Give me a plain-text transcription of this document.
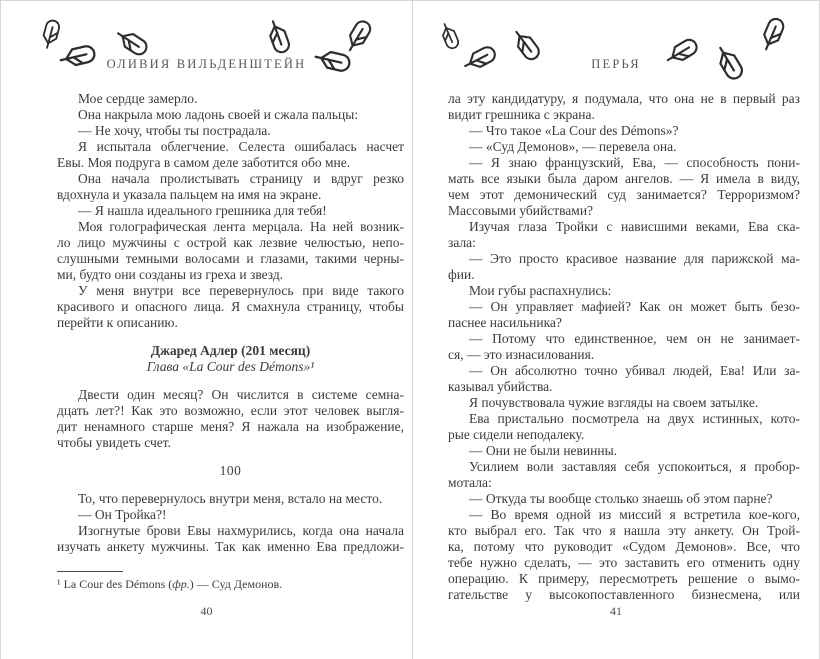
ОЛИВИЯ ВИЛЬДЕНШТЕЙН
Мое сердце замерло.
Она накрыла мою ладонь своей и сжала пальцы:
— Не хочу, чтобы ты пострадала.
Я испытала облегчение. Селеста ошибалась насчет
Евы. Моя подруга в самом деле заботится обо мне.
Она начала пролистывать страницу и вдруг резко
вдохнула и указала пальцем на имя на экране.
— Я нашла идеального грешника для тебя!
Моя голографическая лента мерцала. На ней возник-
ло лицо мужчины с острой как лезвие челюстью, непо-
слушными темными волосами и глазами, такими черны-
ми, будто они созданы из греха и звезд.
У меня внутри все перевернулось при виде такого
красивого и опасного лица. Я смахнула страницу, чтобы
перейти к описанию.
Джаред Адлер (201 месяц)
Глава «La Cour des Démons»¹
Двести один месяц? Он числится в системе семна-
дцать лет?! Как это возможно, если этот человек выгля-
дит ненамного старше меня? Я нажала на изображение,
чтобы увидеть счет.
100
То, что перевернулось внутри меня, встало на место.
— Он Тройка?!
Изогнутые брови Евы нахмурились, когда она начала
изучать анкету мужчины. Так как именно Ева предложи-
¹ La Cour des Démons (фр.) — Суд Демонов.
40
ПЕРЬЯ
ла эту кандидатуру, я подумала, что она не в первый раз
видит грешника с экрана.
— Что такое «La Cour des Démons»?
— «Суд Демонов», — перевела она.
— Я знаю французский, Ева, — способность пони-
мать все языки была даром ангелов. — Я имела в виду,
чем этот демонический суд занимается? Терроризмом?
Массовыми убийствами?
Изучая глаза Тройки с нависшими веками, Ева ска-
зала:
— Это просто красивое название для парижской ма-
фии.
Мои губы распахнулись:
— Он управляет мафией? Как он может быть безо-
паснее насильника?
— Потому что единственное, чем он не занимает-
ся, — это изнасилования.
— Он абсолютно точно убивал людей, Ева! Или за-
казывал убийства.
Я почувствовала чужие взгляды на своем затылке.
Ева пристально посмотрела на двух истинных, кото-
рые сидели неподалеку.
— Они не были невинны.
Усилием воли заставляя себя успокоиться, я пробор-
мотала:
— Откуда ты вообще столько знаешь об этом парне?
— Во время одной из миссий я встретила кое-кого,
кто выбрал его. Так что я нашла эту анкету. Он Трой-
ка, потому что руководит «Судом Демонов». Все, что
тебе нужно сделать, — это заставить его отменить одну
операцию. К примеру, пересмотреть решение о вымо-
гательстве у высокопоставленного бизнесмена, или
41
